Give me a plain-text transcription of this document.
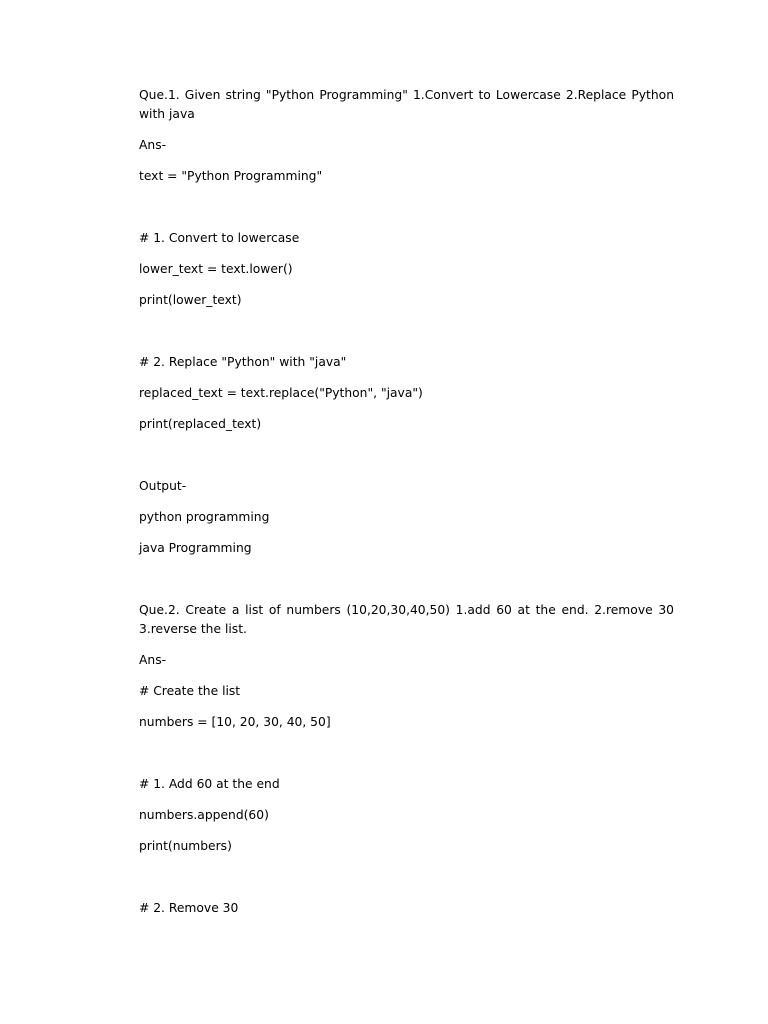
Que.1. Given string "Python Programming" 1.Convert to Lowercase 2.Replace Python with java

Ans-

text = "Python Programming"

# 1. Convert to lowercase

lower_text = text.lower()

print(lower_text)

# 2. Replace "Python" with "java"

replaced_text = text.replace("Python", "java")

print(replaced_text)

Output-

python programming

java Programming

Que.2. Create a list of numbers (10,20,30,40,50) 1.add 60 at the end. 2.remove 30 3.reverse the list.

Ans-

# Create the list

numbers = [10, 20, 30, 40, 50]

# 1. Add 60 at the end

numbers.append(60)

print(numbers)

# 2. Remove 30
